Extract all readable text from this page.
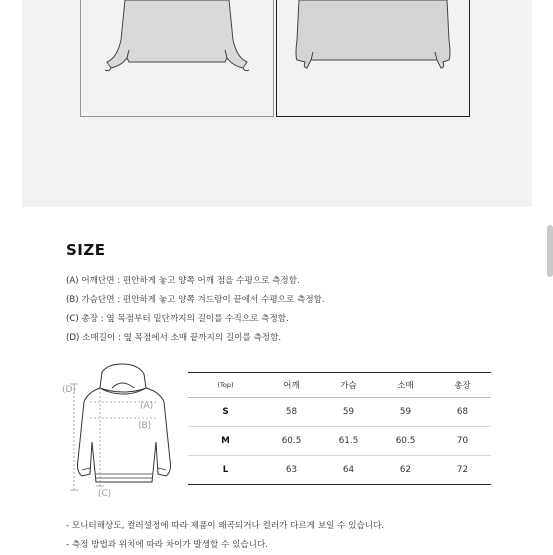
SIZE
(A) 어깨단면 : 편안하게 놓고 양쪽 어깨 점을 수평으로 측정함.
(B) 가슴단면 : 편안하게 놓고 양쪽 겨드랑이 끝에서 수평으로 측정함.
(C) 총장 : 옆 목점부터 밑단까지의 길이를 수직으로 측정함.
(D) 소매길이 : 옆 목점에서 소매 끝까지의 길이를 측정함.
(D)
(A)
(B)
(C)
(Top)	어깨	가슴	소매	총장
S	58	59	59	68
M	60.5	61.5	60.5	70
L	63	64	62	72
- 모니터해상도, 컬러설정에 따라 제품이 왜곡되거나 컬러가 다르게 보일 수 있습니다.
- 측정 방법과 위치에 따라 차이가 발생할 수 있습니다.
